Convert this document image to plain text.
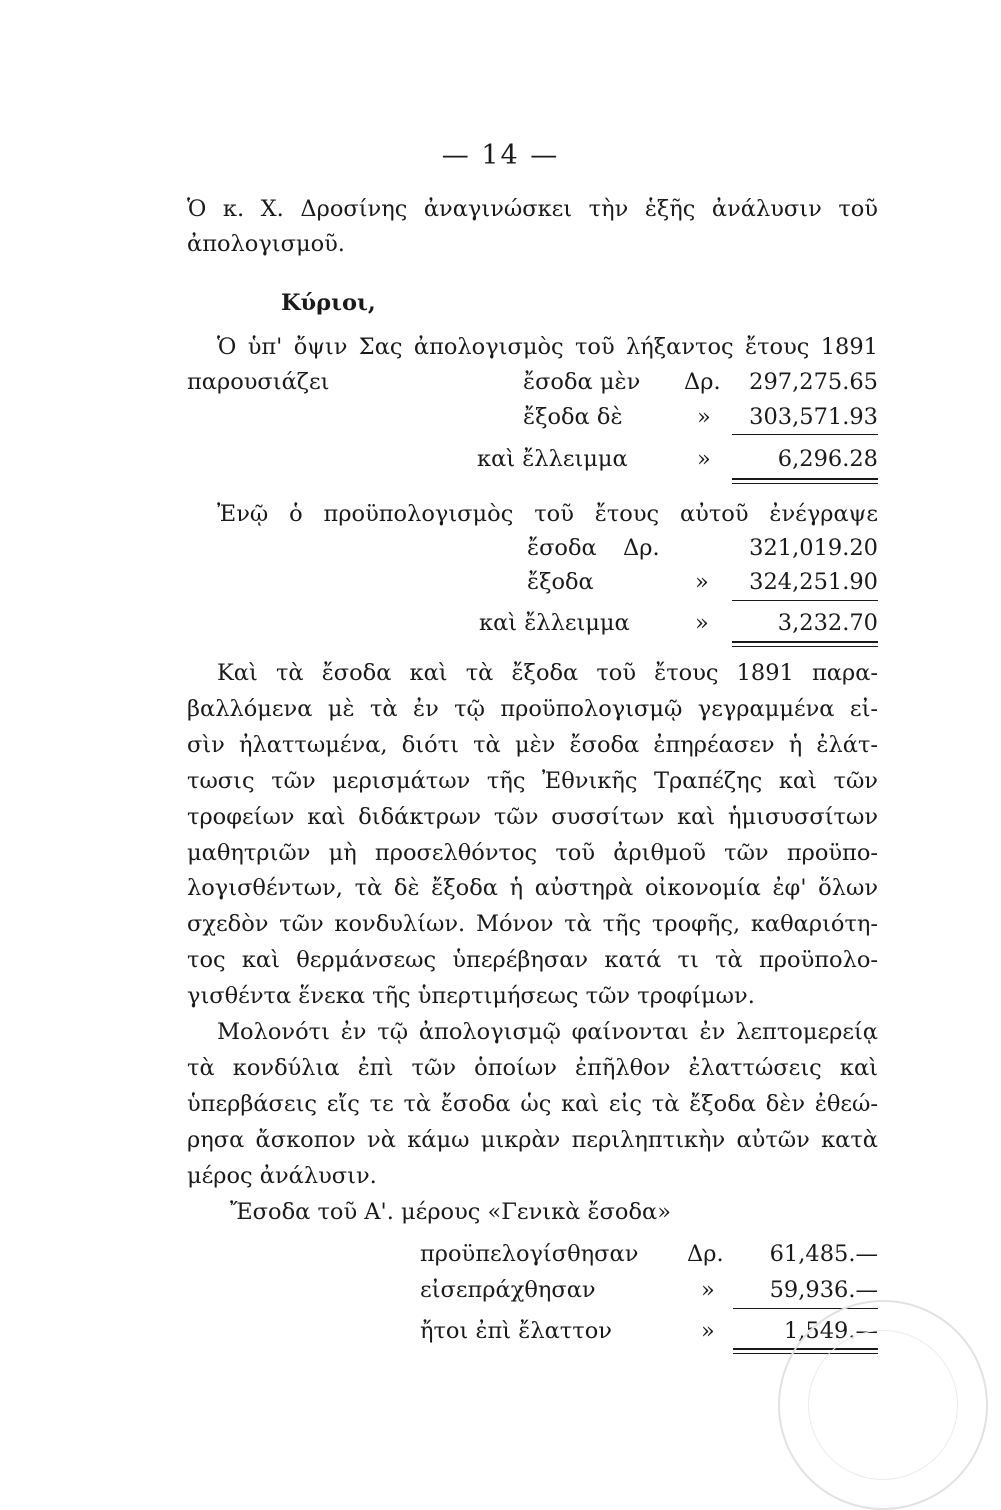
— 14 —
Ὁ κ. Χ. Δροσίνης ἀναγινώσκει τὴν ἑξῆς ἀνάλυσιν τοῦ
ἀπολογισμοῦ.
Κύριοι,
Ὁ ὑπ' ὄψιν Σας ἀπολογισμὸς τοῦ λήξαντος ἔτους 1891
παρουσιάζει	ἔσοδα μὲν Δρ.	297,275.65
ἔξοδα δὲ	»	303,571.93
καὶ ἔλλειμμα	»	6,296.28
Ἐνῷ ὁ προϋπολογισμὸς τοῦ ἔτους αὐτοῦ ἐνέγραψε
ἔσοδα Δρ.	321,019.20
ἔξοδα	»	324,251.90
καὶ ἔλλειμμα	»	3,232.70
Καὶ τὰ ἔσοδα καὶ τὰ ἔξοδα τοῦ ἔτους 1891 παρα-
βαλλόμενα μὲ τὰ ἐν τῷ προϋπολογισμῷ γεγραμμένα εἰ-
σὶν ἠλαττωμένα, διότι τὰ μὲν ἔσοδα ἐπηρέασεν ἡ ἐλάτ-
τωσις τῶν μερισμάτων τῆς Ἐθνικῆς Τραπέζης καὶ τῶν
τροφείων καὶ διδάκτρων τῶν συσσίτων καὶ ἡμισυσσίτων
μαθητριῶν μὴ προσελθόντος τοῦ ἀριθμοῦ τῶν προϋπο-
λογισθέντων, τὰ δὲ ἔξοδα ἡ αὐστηρὰ οἰκονομία ἐφ' ὅλων
σχεδὸν τῶν κονδυλίων. Μόνον τὰ τῆς τροφῆς, καθαριότη-
τος καὶ θερμάνσεως ὑπερέβησαν κατά τι τὰ προϋπολο-
γισθέντα ἕνεκα τῆς ὑπερτιμήσεως τῶν τροφίμων.
Μολονότι ἐν τῷ ἀπολογισμῷ φαίνονται ἐν λεπτομερείᾳ
τὰ κονδύλια ἐπὶ τῶν ὁποίων ἐπῆλθον ἐλαττώσεις καὶ
ὑπερβάσεις εἴς τε τὰ ἔσοδα ὡς καὶ εἰς τὰ ἔξοδα δὲν ἐθεώ-
ρησα ἄσκοπον νὰ κάμω μικρὰν περιληπτικὴν αὐτῶν κατὰ
μέρος ἀνάλυσιν.
Ἔσοδα τοῦ Α'. μέρους «Γενικὰ ἔσοδα»
προϋπελογίσθησαν Δρ.	61,485.—
εἰσεπράχθησαν	»	59,936.—
ἤτοι ἐπὶ ἔλαττον	»	1,549.—
